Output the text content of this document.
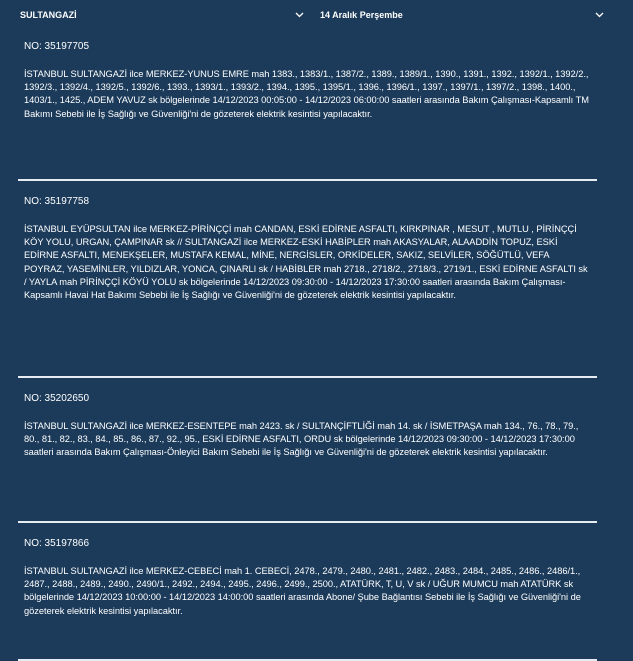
SULTANGAZİ	14 Aralık Perşembe
NO: 35197705
İSTANBUL SULTANGAZİ ilce MERKEZ-YUNUS EMRE mah 1383., 1383/1., 1387/2., 1389., 1389/1., 1390., 1391., 1392., 1392/1., 1392/2., 1392/3., 1392/4., 1392/5., 1392/6., 1393., 1393/1., 1393/2., 1394., 1395., 1395/1., 1396., 1396/1., 1397., 1397/1., 1397/2., 1398., 1400., 1403/1., 1425., ADEM YAVUZ sk bölgelerinde 14/12/2023 00:05:00 - 14/12/2023 06:00:00 saatleri arasında Bakım Çalışması-Kapsamlı TM Bakımı Sebebi ile İş Sağlığı ve Güvenliği'ni de gözeterek elektrik kesintisi yapılacaktır.
NO: 35197758
İSTANBUL EYÜPSULTAN ilce MERKEZ-PİRİNÇÇİ mah CANDAN, ESKİ EDİRNE ASFALTI, KIRKPINAR , MESUT , MUTLU , PİRİNÇÇİ KÖY YOLU, URGAN, ÇAMPINAR sk // SULTANGAZİ ilce MERKEZ-ESKİ HABİPLER mah AKASYALAR, ALAADDİN TOPUZ, ESKİ EDİRNE ASFALTI, MENEKŞELER, MUSTAFA KEMAL, MİNE, NERGİSLER, ORKİDELER, SAKIZ, SELVİLER, SÖĞÜTLÜ, VEFA POYRAZ, YASEMİNLER, YILDIZLAR, YONCA, ÇINARLI sk / HABİBLER mah 2718., 2718/2., 2718/3., 2719/1., ESKİ EDİRNE ASFALTI sk / YAYLA mah PİRİNÇÇİ KÖYÜ YOLU sk bölgelerinde 14/12/2023 09:30:00 - 14/12/2023 17:30:00 saatleri arasında Bakım Çalışması-Kapsamlı Havai Hat Bakımı Sebebi ile İş Sağlığı ve Güvenliği'ni de gözeterek elektrik kesintisi yapılacaktır.
NO: 35202650
İSTANBUL SULTANGAZİ ilce MERKEZ-ESENTEPE mah 2423. sk / SULTANÇİFTLİĞİ mah 14. sk / İSMETPAŞA mah 134., 76., 78., 79., 80., 81., 82., 83., 84., 85., 86., 87., 92., 95., ESKİ EDİRNE ASFALTI, ORDU sk bölgelerinde 14/12/2023 09:30:00 - 14/12/2023 17:30:00 saatleri arasında Bakım Çalışması-Önleyici Bakım Sebebi ile İş Sağlığı ve Güvenliği'ni de gözeterek elektrik kesintisi yapılacaktır.
NO: 35197866
İSTANBUL SULTANGAZİ ilce MERKEZ-CEBECİ mah 1. CEBECİ, 2478., 2479., 2480., 2481., 2482., 2483., 2484., 2485., 2486., 2486/1., 2487., 2488., 2489., 2490., 2490/1., 2492., 2494., 2495., 2496., 2499., 2500., ATATÜRK, T, U, V sk / UĞUR MUMCU mah ATATÜRK sk bölgelerinde 14/12/2023 10:00:00 - 14/12/2023 14:00:00 saatleri arasında Abone/ Şube Bağlantısı Sebebi ile İş Sağlığı ve Güvenliği'ni de gözeterek elektrik kesintisi yapılacaktır.
